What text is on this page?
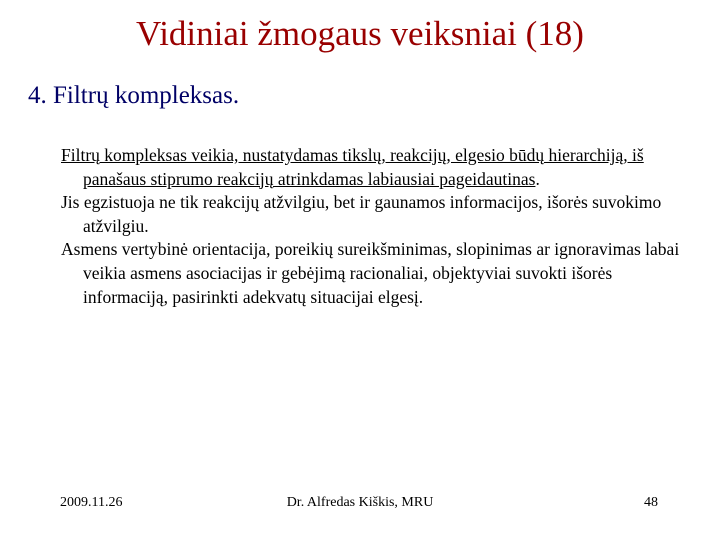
Vidiniai žmogaus veiksniai (18)
4. Filtrų kompleksas.

Filtrų kompleksas veikia, nustatydamas tikslų, reakcijų, elgesio būdų hierarchiją, iš panašaus stiprumo reakcijų atrinkdamas labiausiai pageidautinas.

Jis egzistuoja ne tik reakcijų atžvilgiu, bet ir gaunamos informacijos, išorės suvokimo atžvilgiu.

Asmens vertybinė orientacija, poreikių sureikšminimas, slopinimas ar ignoravimas labai veikia asmens asociacijas ir gebėjimą racionaliai, objektyviai suvokti išorės informaciją, pasirinkti adekvatų situacijai elgesį.

2009.11.26	Dr. Alfredas Kiškis, MRU	48
